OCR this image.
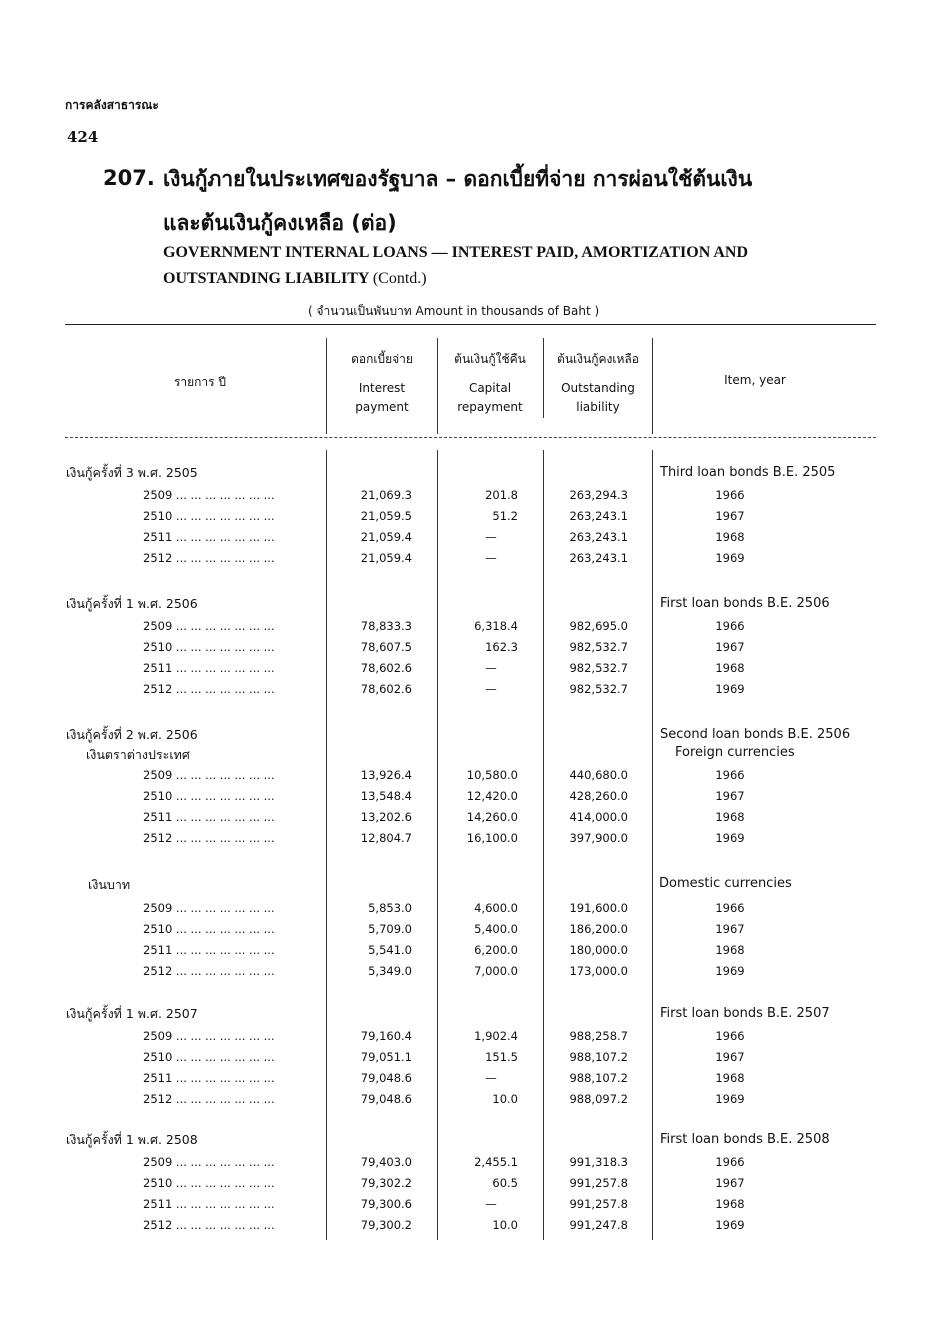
การคลังสาธารณะ
424
207. เงินกู้ภายในประเทศของรัฐบาล – ดอกเบี้ยที่จ่าย การผ่อนใช้ต้นเงิน
และต้นเงินกู้คงเหลือ (ต่อ)
GOVERNMENT INTERNAL LOANS — INTEREST PAID, AMORTIZATION AND
OUTSTANDING LIABILITY (Contd.)
( จำนวนเป็นพันบาท Amount in thousands of Baht )
รายการ ปี
ดอกเบี้ยจ่าย
Interest
payment
ต้นเงินกู้ใช้คืน
Capital
repayment
ต้นเงินกู้คงเหลือ
Outstanding
liability
Item, year
เงินกู้ครั้งที่ 3 พ.ศ. 2505	Third loan bonds B.E. 2505
2509 ... ... ... ... ... ... ...	21,069.3	201.8	263,294.3	1966
2510 ... ... ... ... ... ... ...	21,059.5	51.2	263,243.1	1967
2511 ... ... ... ... ... ... ...	21,059.4	—	263,243.1	1968
2512 ... ... ... ... ... ... ...	21,059.4	—	263,243.1	1969
เงินกู้ครั้งที่ 1 พ.ศ. 2506	First loan bonds B.E. 2506
2509 ... ... ... ... ... ... ...	78,833.3	6,318.4	982,695.0	1966
2510 ... ... ... ... ... ... ...	78,607.5	162.3	982,532.7	1967
2511 ... ... ... ... ... ... ...	78,602.6	—	982,532.7	1968
2512 ... ... ... ... ... ... ...	78,602.6	—	982,532.7	1969
เงินกู้ครั้งที่ 2 พ.ศ. 2506	Second loan bonds B.E. 2506
เงินตราต่างประเทศ	Foreign currencies
2509 ... ... ... ... ... ... ...	13,926.4	10,580.0	440,680.0	1966
2510 ... ... ... ... ... ... ...	13,548.4	12,420.0	428,260.0	1967
2511 ... ... ... ... ... ... ...	13,202.6	14,260.0	414,000.0	1968
2512 ... ... ... ... ... ... ...	12,804.7	16,100.0	397,900.0	1969
เงินบาท	Domestic currencies
2509 ... ... ... ... ... ... ...	5,853.0	4,600.0	191,600.0	1966
2510 ... ... ... ... ... ... ...	5,709.0	5,400.0	186,200.0	1967
2511 ... ... ... ... ... ... ...	5,541.0	6,200.0	180,000.0	1968
2512 ... ... ... ... ... ... ...	5,349.0	7,000.0	173,000.0	1969
เงินกู้ครั้งที่ 1 พ.ศ. 2507	First loan bonds B.E. 2507
2509 ... ... ... ... ... ... ...	79,160.4	1,902.4	988,258.7	1966
2510 ... ... ... ... ... ... ...	79,051.1	151.5	988,107.2	1967
2511 ... ... ... ... ... ... ...	79,048.6	—	988,107.2	1968
2512 ... ... ... ... ... ... ...	79,048.6	10.0	988,097.2	1969
เงินกู้ครั้งที่ 1 พ.ศ. 2508	First loan bonds B.E. 2508
2509 ... ... ... ... ... ... ...	79,403.0	2,455.1	991,318.3	1966
2510 ... ... ... ... ... ... ...	79,302.2	60.5	991,257.8	1967
2511 ... ... ... ... ... ... ...	79,300.6	—	991,257.8	1968
2512 ... ... ... ... ... ... ...	79,300.2	10.0	991,247.8	1969
